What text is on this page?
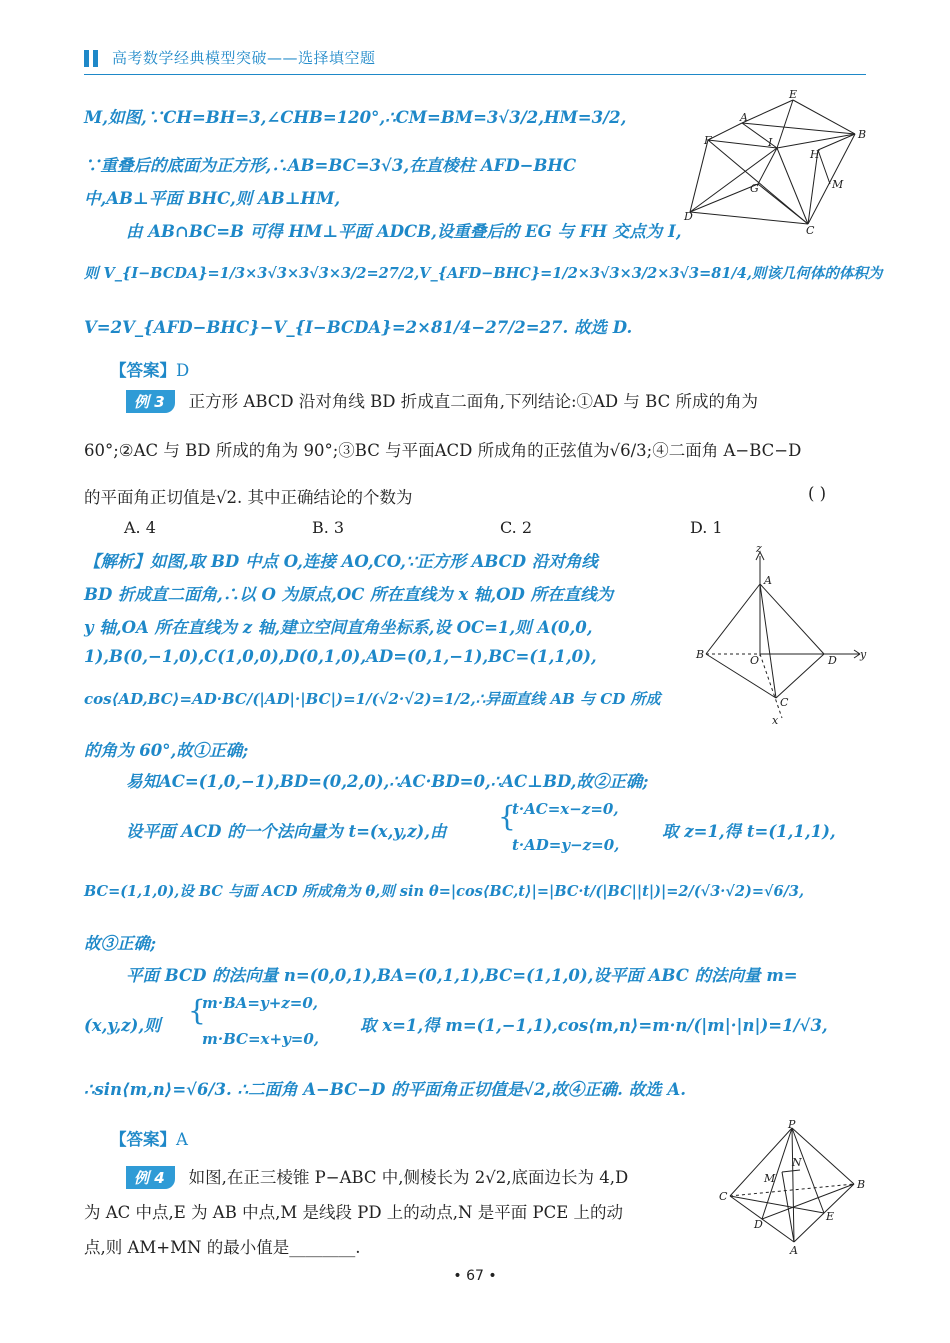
高考数学经典模型突破——选择填空题
M,如图,∵CH=BH=3,∠CHB=120°,∴CM=BM=3√3/2,HM=3/2,
∵重叠后的底面为正方形,∴AB=BC=3√3,在直棱柱 AFD−BHC
中,AB⊥平面 BHC,则 AB⊥HM,
由 AB∩BC=B 可得 HM⊥平面 ADCB,设重叠后的 EG 与 FH 交点为 I,
则 V_{I−BCDA}=1/3×3√3×3√3×3/2=27/2,V_{AFD−BHC}=1/2×3√3×3/2×3√3=81/4,则该几何体的体积为
V=2V_{AFD−BHC}−V_{I−BCDA}=2×81/4−27/2=27. 故选 D.
【答案】D
E
A
B
F	I
H
G	M
D
C
例 3 正方形 ABCD 沿对角线 BD 折成直二面角,下列结论:①AD 与 BC 所成的角为
60°;②AC 与 BD 所成的角为 90°;③BC 与平面ACD 所成角的正弦值为√6/3;④二面角 A−BC−D
的平面角正切值是√2. 其中正确结论的个数为	( )
A. 4	B. 3	C. 2	D. 1
【解析】如图,取 BD 中点 O,连接 AO,CO,∵正方形 ABCD 沿对角线
BD 折成直二面角,∴以 O 为原点,OC 所在直线为 x 轴,OD 所在直线为
y 轴,OA 所在直线为 z 轴,建立空间直角坐标系,设 OC=1,则 A(0,0,
1),B(0,−1,0),C(1,0,0),D(0,1,0),AD=(0,1,−1),BC=(1,1,0),
cos⟨AD,BC⟩=AD·BC/(|AD|·|BC|)=1/(√2·√2)=1/2,∴异面直线 AB 与 CD 所成
的角为 60°,故①正确;
易知AC=(1,0,−1),BD=(0,2,0),∴AC·BD=0,∴AC⊥BD,故②正确;
设平面 ACD 的一个法向量为 t=(x,y,z),由 {
t·AC=x−z=0,
t·AD=y−z=0,
取 z=1,得 t=(1,1,1),
BC=(1,1,0),设 BC 与面 ACD 所成角为 θ,则 sin θ=|cos⟨BC,t⟩|=|BC·t/(|BC||t|)|=2/(√3·√2)=√6/3,
故③正确;
平面 BCD 的法向量 n=(0,0,1),BA=(0,1,1),BC=(1,1,0),设平面 ABC 的法向量 m=
(x,y,z),则 {
m·BA=y+z=0,
m·BC=x+y=0,
取 x=1,得 m=(1,−1,1),cos⟨m,n⟩=m·n/(|m|·|n|)=1/√3,
∴sin⟨m,n⟩=√6/3. ∴二面角 A−BC−D 的平面角正切值是√2,故④正确. 故选 A.
【答案】A
z
A
B	O	D y
C
x
例 4 如图,在正三棱锥 P−ABC 中,侧棱长为 2√2,底面边长为 4,D
为 AC 中点,E 为 AB 中点,M 是线段 PD 上的动点,N 是平面 PCE 上的动
点,则 AM+MN 的最小值是________.
P
M
N
B
C
E
D
A
• 67 •
